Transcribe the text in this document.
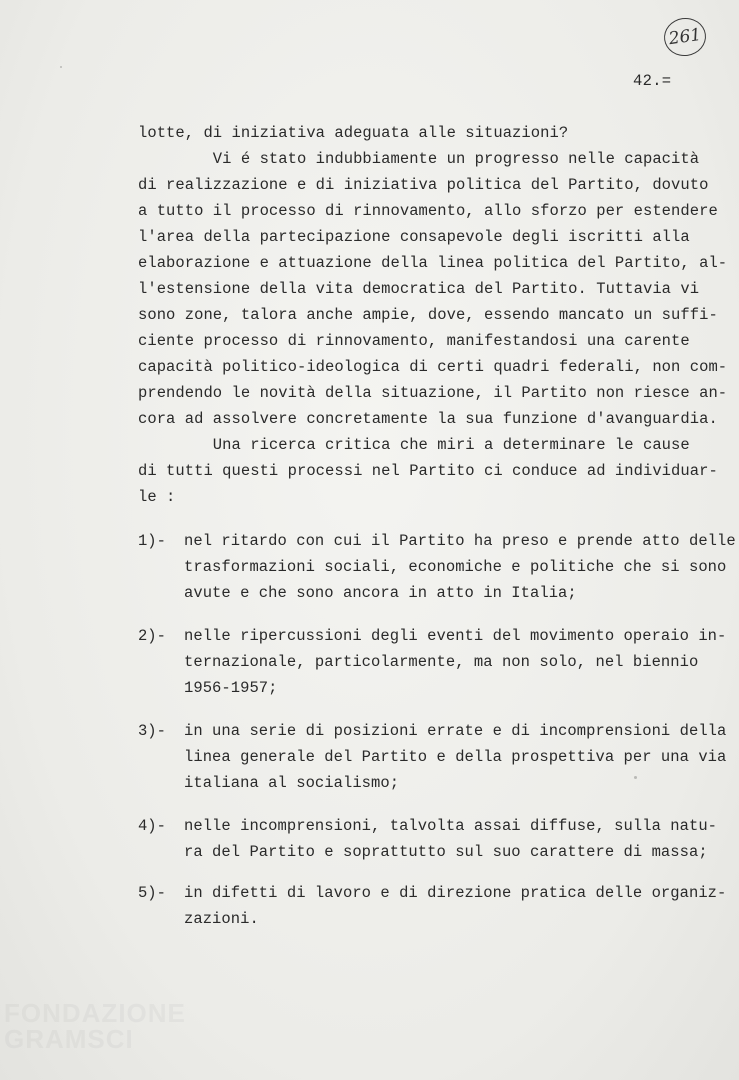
261
42.=
lotte, di iniziativa adeguata alle situazioni?
Vi é stato indubbiamente un progresso nelle capacità
di realizzazione e di iniziativa politica del Partito, dovuto
a tutto il processo di rinnovamento, allo sforzo per estendere
l'area della partecipazione consapevole degli iscritti alla
elaborazione e attuazione della linea politica del Partito, al-
l'estensione della vita democratica del Partito. Tuttavia vi
sono zone, talora anche ampie, dove, essendo mancato un suffi-
ciente processo di rinnovamento, manifestandosi una carente
capacità politico-ideologica di certi quadri federali, non com-
prendendo le novità della situazione, il Partito non riesce an-
cora ad assolvere concretamente la sua funzione d'avanguardia.
Una ricerca critica che miri a determinare le cause
di tutti questi processi nel Partito ci conduce ad individuar-
le :
1)- nel ritardo con cui il Partito ha preso e prende atto delle
trasformazioni sociali, economiche e politiche che si sono
avute e che sono ancora in atto in Italia;
2)- nelle ripercussioni degli eventi del movimento operaio in-
ternazionale, particolarmente, ma non solo, nel biennio
1956-1957;
3)- in una serie di posizioni errate e di incomprensioni della
linea generale del Partito e della prospettiva per una via
italiana al socialismo;
4)- nelle incomprensioni, talvolta assai diffuse, sulla natu-
ra del Partito e soprattutto sul suo carattere di massa;
5)- in difetti di lavoro e di direzione pratica delle organiz-
zazioni.
FONDAZIONE
GRAMSCI
